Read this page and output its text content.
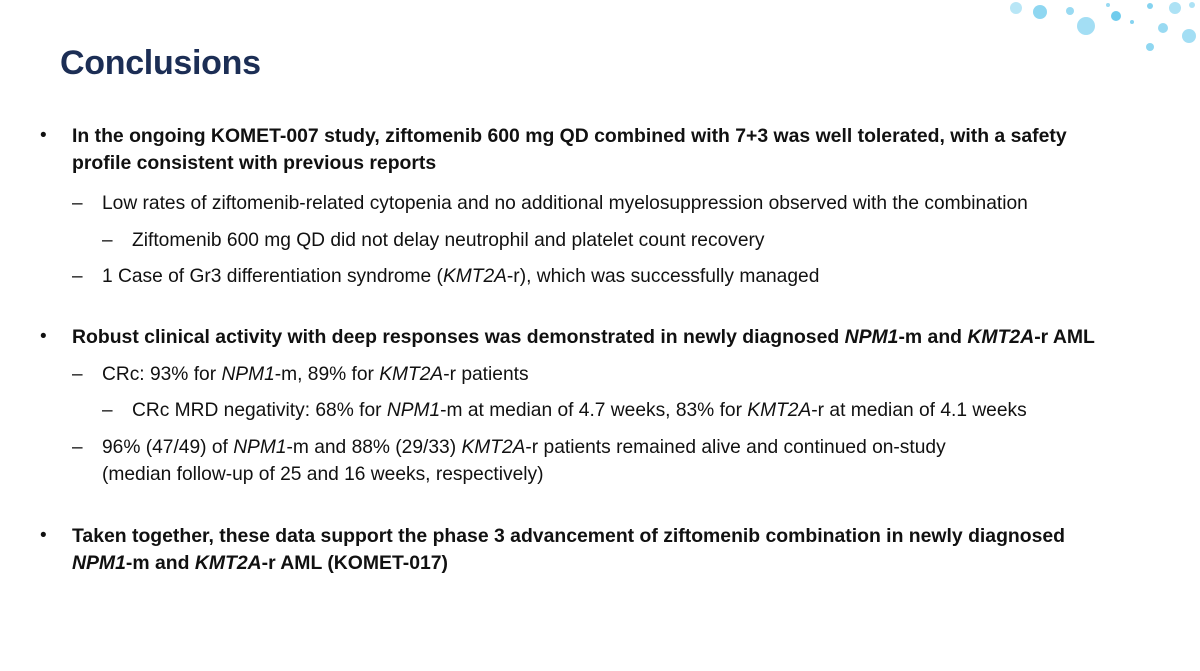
Conclusions
• In the ongoing KOMET-007 study, ziftomenib 600 mg QD combined with 7+3 was well tolerated, with a safety
profile consistent with previous reports
– Low rates of ziftomenib-related cytopenia and no additional myelosuppression observed with the combination
– Ziftomenib 600 mg QD did not delay neutrophil and platelet count recovery
– 1 Case of Gr3 differentiation syndrome (KMT2A-r), which was successfully managed
• Robust clinical activity with deep responses was demonstrated in newly diagnosed NPM1-m and KMT2A-r AML
– CRc: 93% for NPM1-m, 89% for KMT2A-r patients
– CRc MRD negativity: 68% for NPM1-m at median of 4.7 weeks, 83% for KMT2A-r at median of 4.1 weeks
– 96% (47/49) of NPM1-m and 88% (29/33) KMT2A-r patients remained alive and continued on-study
(median follow-up of 25 and 16 weeks, respectively)
• Taken together, these data support the phase 3 advancement of ziftomenib combination in newly diagnosed
NPM1-m and KMT2A-r AML (KOMET-017)
